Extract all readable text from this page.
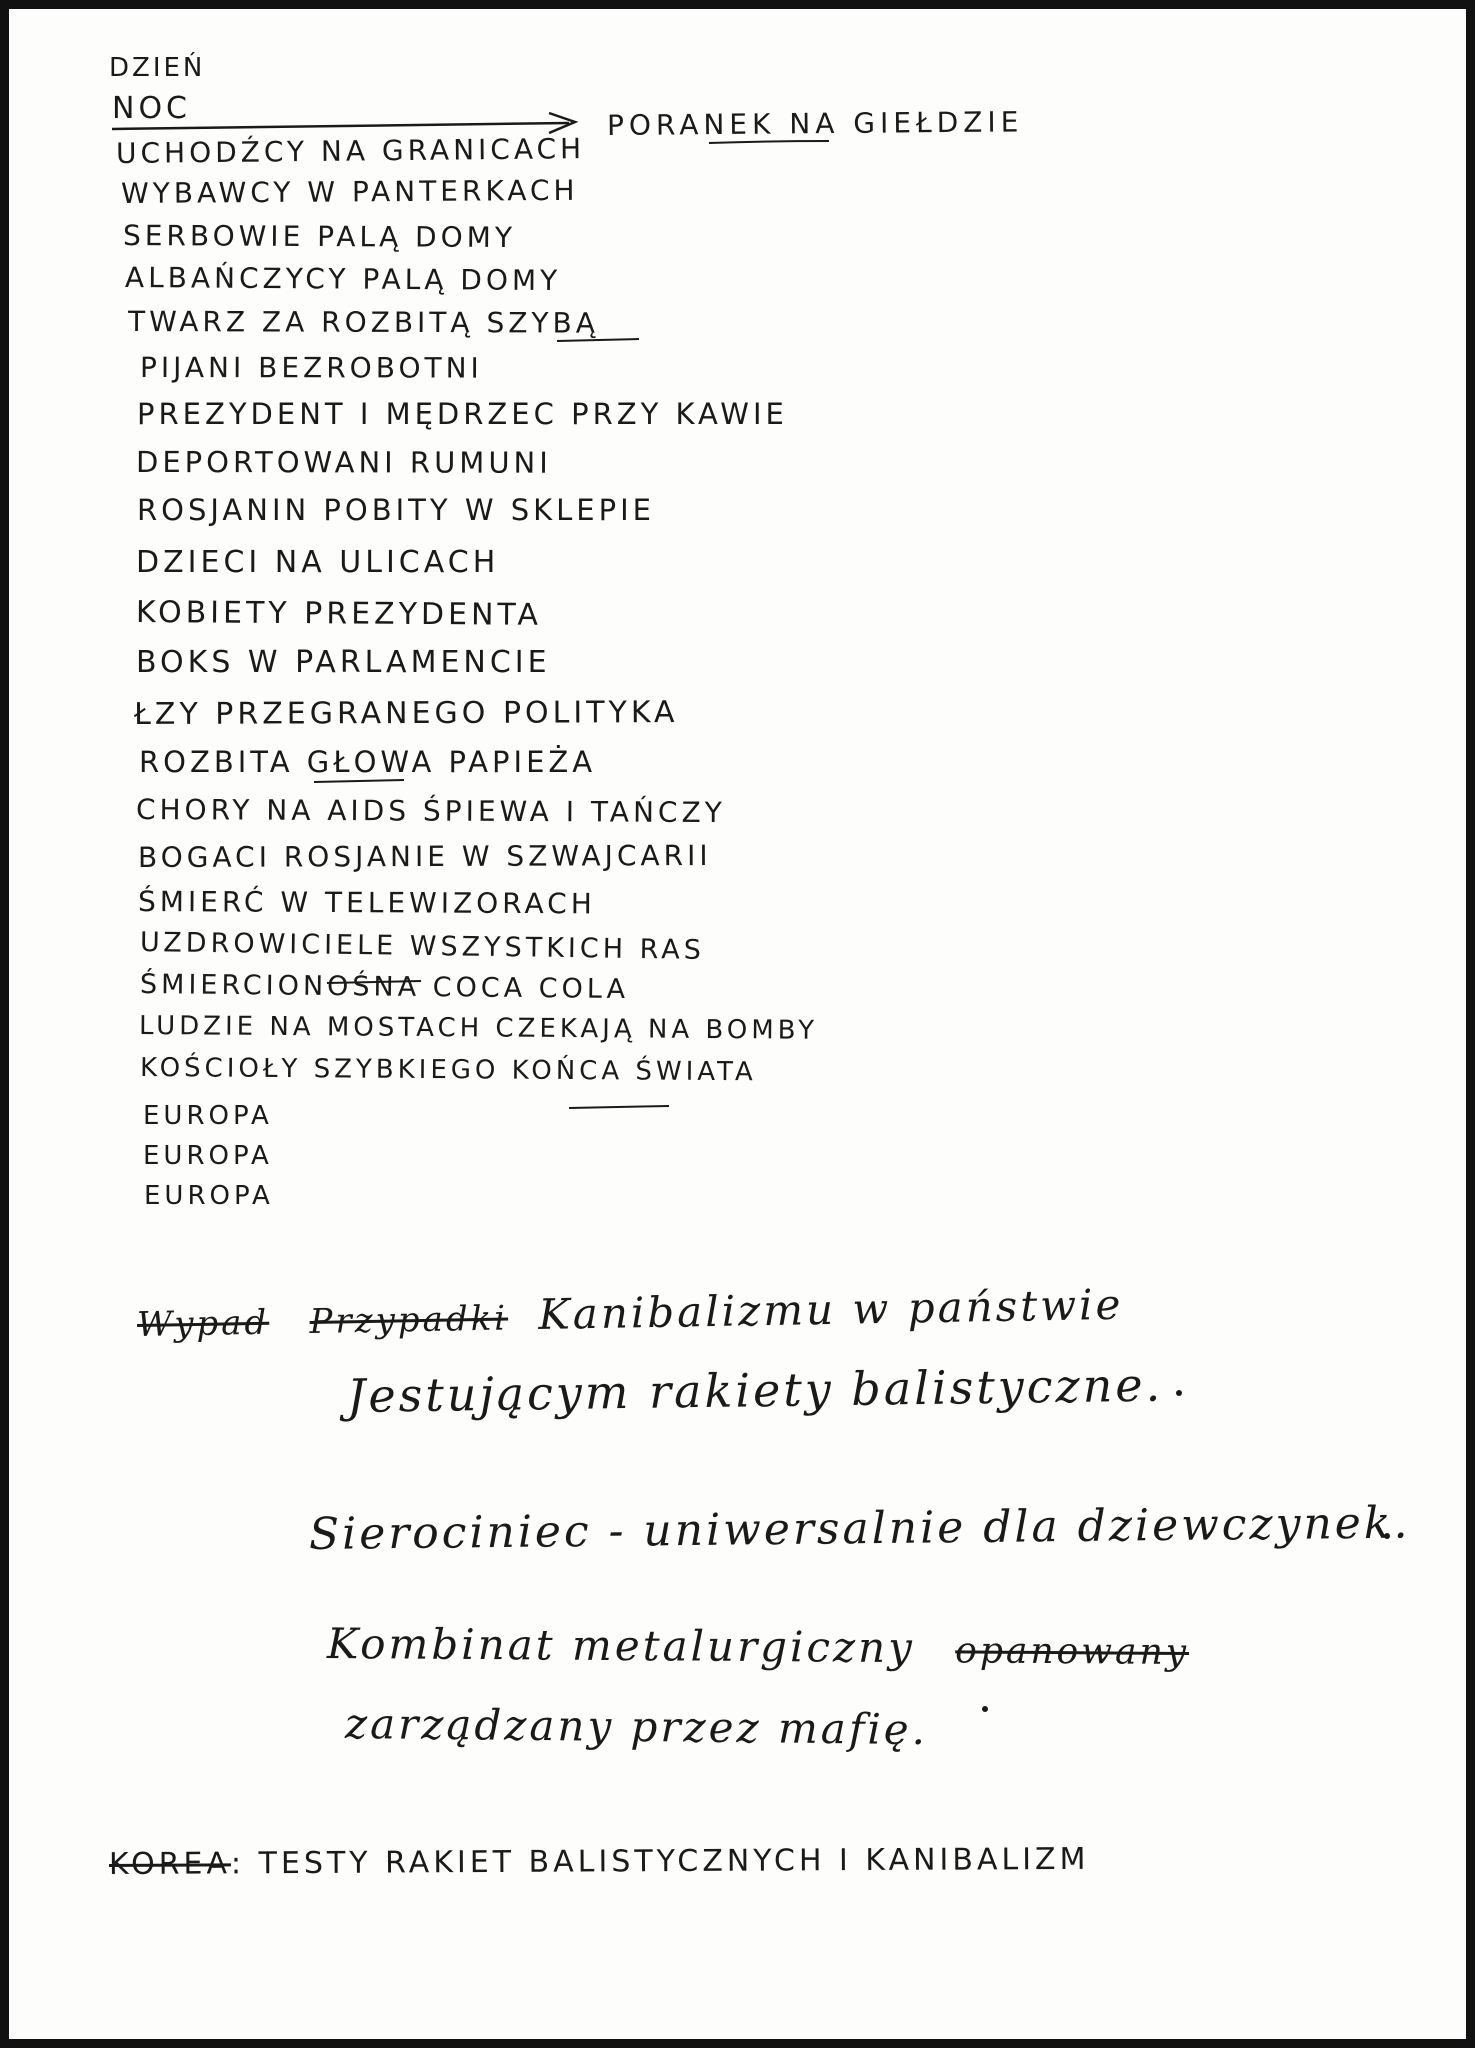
DZIEŃ
NOC	PORANEK NA GIEŁDZIE
UCHODŹCY NA GRANICACH
WYBAWCY W PANTERKACH
SERBOWIE PALĄ DOMY
ALBAŃCZYCY PALĄ DOMY
TWARZ ZA ROZBITĄ SZYBĄ
PIJANI BEZROBOTNI
PREZYDENT I MĘDRZEC PRZY KAWIE
DEPORTOWANI RUMUNI
ROSJANIN POBITY W SKLEPIE
DZIECI NA ULICACH
KOBIETY PREZYDENTA
BOKS W PARLAMENCIE
ŁZY PRZEGRANEGO POLITYKA
ROZBITA GŁOWA PAPIEŻA
CHORY NA AIDS ŚPIEWA I TAŃCZY
BOGACI ROSJANIE W SZWAJCARII
ŚMIERĆ W TELEWIZORACH
UZDROWICIELE WSZYSTKICH RAS
ŚMIERCIONOŚNA COCA COLA
LUDZIE NA MOSTACH CZEKAJĄ NA BOMBY
KOŚCIOŁY SZYBKIEGO KOŃCA ŚWIATA
EUROPA
EUROPA
EUROPA
Wypad Przypadki Kanibalizmu w państwie
Jestującym rakiety balistyczne.
Sierociniec - uniwersalnie dla dziewczynek.
Kombinat metalurgiczny opanowany
zarządzany przez mafię.
KOREA: TESTY RAKIET BALISTYCZNYCH I KANIBALIZM
